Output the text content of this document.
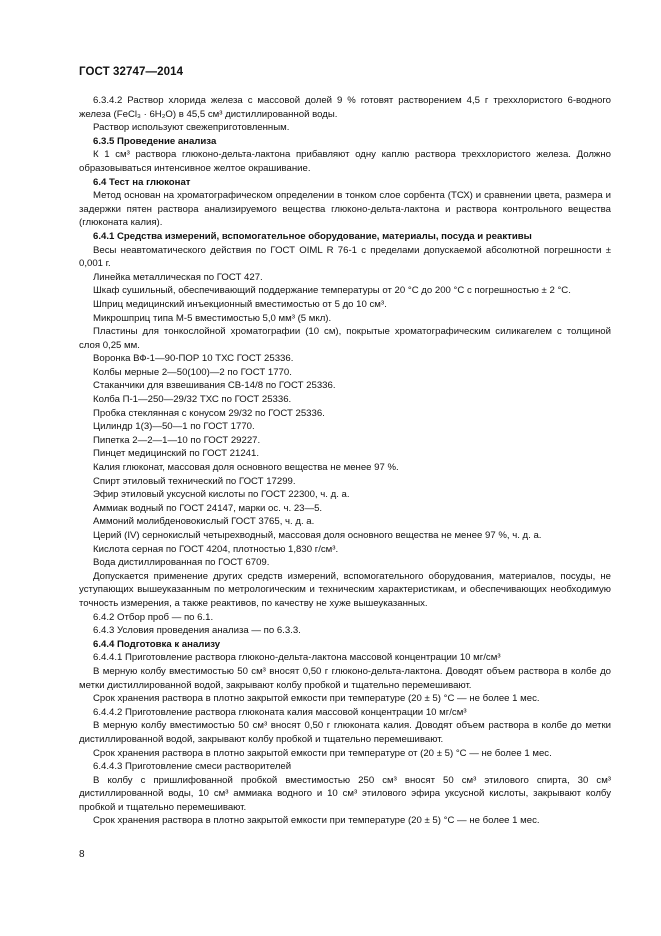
ГОСТ 32747—2014

6.3.4.2 Раствор хлорида железа с массовой долей 9 % готовят растворением 4,5 г треххлористого 6-водного железа (FeCl₃ · 6H₂O) в 45,5 см³ дистиллированной воды.

Раствор используют свежеприготовленным.

6.3.5 Проведение анализа

К 1 см³ раствора глюконо-дельта-лактона прибавляют одну каплю раствора треххлористого железа. Должно образовываться интенсивное желтое окрашивание.

6.4 Тест на глюконат

Метод основан на хроматографическом определении в тонком слое сорбента (ТСХ) и сравнении цвета, размера и задержки пятен раствора анализируемого вещества глюконо-дельта-лактона и раствора контрольного вещества (глюконата калия).

6.4.1 Средства измерений, вспомогательное оборудование, материалы, посуда и реактивы

Весы неавтоматического действия по ГОСТ OIML R 76-1 с пределами допускаемой абсолютной погрешности ± 0,001 г.

Линейка металлическая по ГОСТ 427.

Шкаф сушильный, обеспечивающий поддержание температуры от 20 °С до 200 °С с погрешностью ± 2 °С.

Шприц медицинский инъекционный вместимостью от 5 до 10 см³.

Микрошприц типа М-5 вместимостью 5,0 мм³ (5 мкл).

Пластины для тонкослойной хроматографии (10 см), покрытые хроматографическим силикагелем с толщиной слоя 0,25 мм.

Воронка ВФ-1—90-ПОР 10 ТХС ГОСТ 25336.

Колбы мерные 2—50(100)—2 по ГОСТ 1770.

Стаканчики для взвешивания СВ-14/8 по ГОСТ 25336.

Колба П-1—250—29/32 ТХС по ГОСТ 25336.

Пробка стеклянная с конусом 29/32 по ГОСТ 25336.

Цилиндр 1(3)—50—1 по ГОСТ 1770.

Пипетка 2—2—1—10 по ГОСТ 29227.

Пинцет медицинский по ГОСТ 21241.

Калия глюконат, массовая доля основного вещества не менее 97 %.

Спирт этиловый технический по ГОСТ 17299.

Эфир этиловый уксусной кислоты по ГОСТ 22300, ч. д. а.

Аммиак водный по ГОСТ 24147, марки ос. ч. 23—5.

Аммоний молибденовокислый ГОСТ 3765, ч. д. а.

Церий (IV) сернокислый четырехводный, массовая доля основного вещества не менее 97 %, ч. д. а.

Кислота серная по ГОСТ 4204, плотностью 1,830 г/см³.

Вода дистиллированная по ГОСТ 6709.

Допускается применение других средств измерений, вспомогательного оборудования, материалов, посуды, не уступающих вышеуказанным по метрологическим и техническим характеристикам, и обеспечивающих необходимую точность измерения, а также реактивов, по качеству не хуже вышеуказанных.

6.4.2 Отбор проб — по 6.1.

6.4.3 Условия проведения анализа — по 6.3.3.

6.4.4 Подготовка к анализу

6.4.4.1 Приготовление раствора глюконо-дельта-лактона массовой концентрации 10 мг/см³

В мерную колбу вместимостью 50 см³ вносят 0,50 г глюконо-дельта-лактона. Доводят объем раствора в колбе до метки дистиллированной водой, закрывают колбу пробкой и тщательно перемешивают.

Срок хранения раствора в плотно закрытой емкости при температуре (20 ± 5) °С — не более 1 мес.

6.4.4.2 Приготовление раствора глюконата калия массовой концентрации 10 мг/см³

В мерную колбу вместимостью 50 см³ вносят 0,50 г глюконата калия. Доводят объем раствора в колбе до метки дистиллированной водой, закрывают колбу пробкой и тщательно перемешивают.

Срок хранения раствора в плотно закрытой емкости при температуре от (20 ± 5) °С — не более 1 мес.

6.4.4.3 Приготовление смеси растворителей

В колбу с пришлифованной пробкой вместимостью 250 см³ вносят 50 см³ этилового спирта, 30 см³ дистиллированной воды, 10 см³ аммиака водного и 10 см³ этилового эфира уксусной кислоты, закрывают колбу пробкой и тщательно перемешивают.

Срок хранения раствора в плотно закрытой емкости при температуре (20 ± 5) °С — не более 1 мес.

8
